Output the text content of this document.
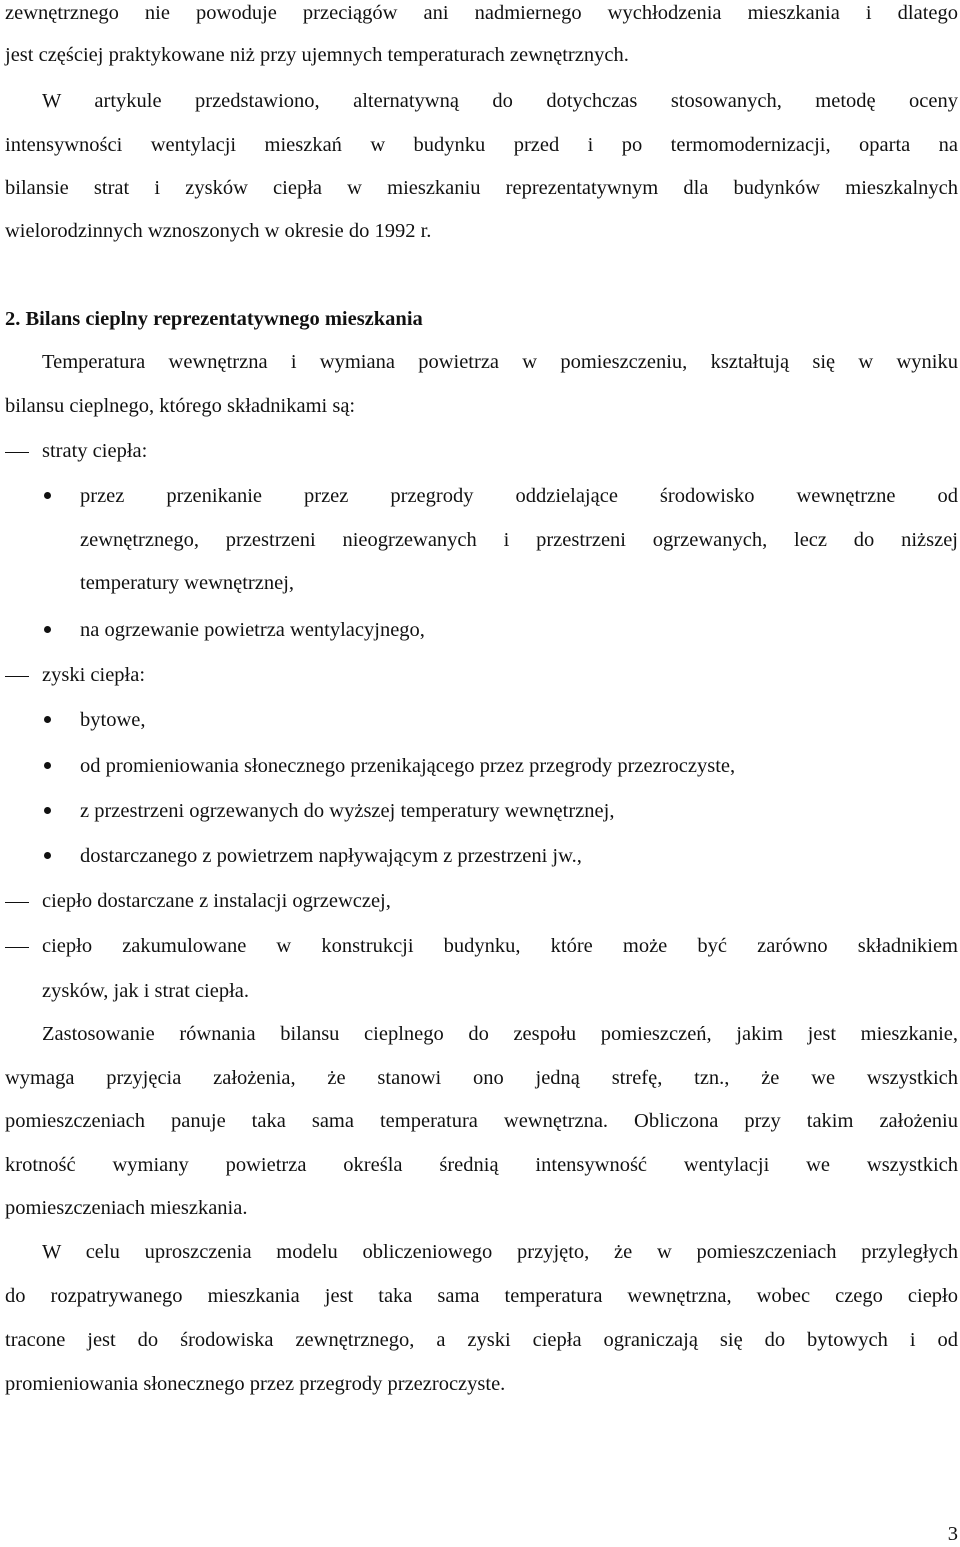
zewnętrznego nie powoduje przeciągów ani nadmiernego wychłodzenia mieszkania i dlatego
jest częściej praktykowane niż przy ujemnych temperaturach zewnętrznych.
W artykule przedstawiono, alternatywną do dotychczas stosowanych, metodę oceny
intensywności wentylacji mieszkań w budynku przed i po termomodernizacji, oparta na
bilansie strat i zysków ciepła w mieszkaniu reprezentatywnym dla budynków mieszkalnych
wielorodzinnych wznoszonych w okresie do 1992 r.
2. Bilans cieplny reprezentatywnego mieszkania
Temperatura wewnętrzna i wymiana powietrza w pomieszczeniu, kształtują się w wyniku
bilansu cieplnego, którego składnikami są:
straty ciepła:
przez przenikanie przez przegrody oddzielające środowisko wewnętrzne od
zewnętrznego, przestrzeni nieogrzewanych i przestrzeni ogrzewanych, lecz do niższej
temperatury wewnętrznej,
na ogrzewanie powietrza wentylacyjnego,
zyski ciepła:
bytowe,
od promieniowania słonecznego przenikającego przez przegrody przezroczyste,
z przestrzeni ogrzewanych do wyższej temperatury wewnętrznej,
dostarczanego z powietrzem napływającym z przestrzeni jw.,
ciepło dostarczane z instalacji ogrzewczej,
ciepło zakumulowane w konstrukcji budynku, które może być zarówno składnikiem
zysków, jak i strat ciepła.
Zastosowanie równania bilansu cieplnego do zespołu pomieszczeń, jakim jest mieszkanie,
wymaga przyjęcia założenia, że stanowi ono jedną strefę, tzn., że we wszystkich
pomieszczeniach panuje taka sama temperatura wewnętrzna. Obliczona przy takim założeniu
krotność wymiany powietrza określa średnią intensywność wentylacji we wszystkich
pomieszczeniach mieszkania.
W celu uproszczenia modelu obliczeniowego przyjęto, że w pomieszczeniach przyległych
do rozpatrywanego mieszkania jest taka sama temperatura wewnętrzna, wobec czego ciepło
tracone jest do środowiska zewnętrznego, a zyski ciepła ograniczają się do bytowych i od
promieniowania słonecznego przez przegrody przezroczyste.
3
